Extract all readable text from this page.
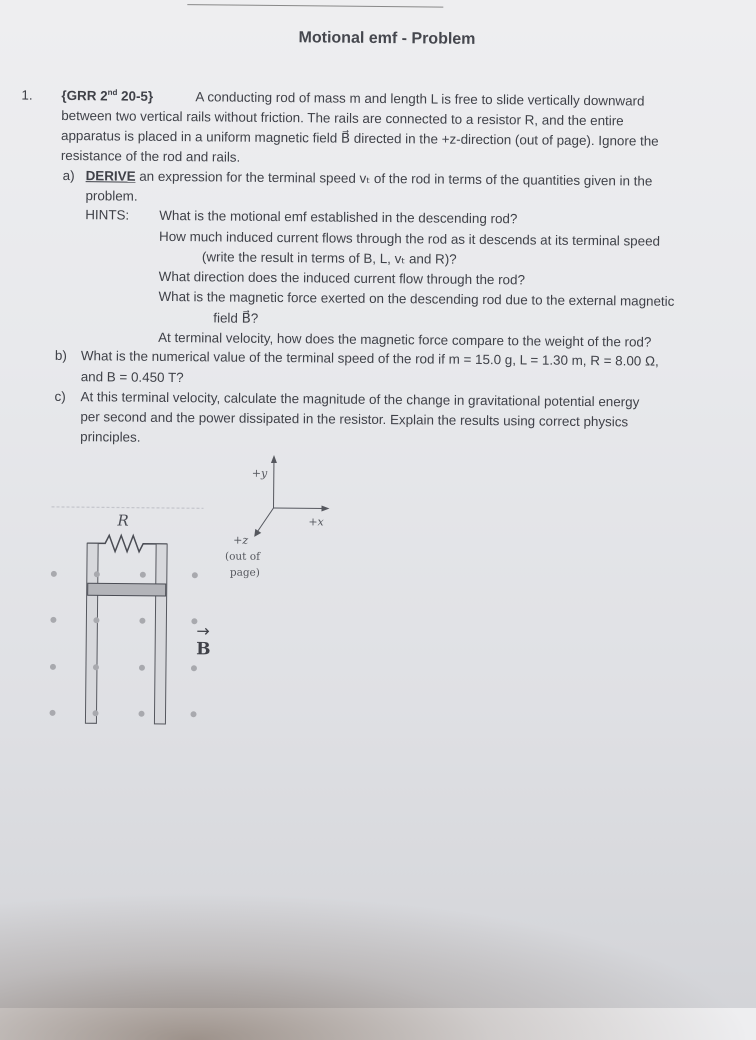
Motional emf - Problem
1. {GRR 2nd 20-5}	A conducting rod of mass m and length L is free to slide vertically downward
between two vertical rails without friction. The rails are connected to a resistor R, and the entire
apparatus is placed in a uniform magnetic field B⃗ directed in the +z-direction (out of page). Ignore the
resistance of the rod and rails.
a) DERIVE an expression for the terminal speed vₜ of the rod in terms of the quantities given in the
problem.
HINTS: What is the motional emf established in the descending rod?
How much induced current flows through the rod as it descends at its terminal speed
(write the result in terms of B, L, vₜ and R)?
What direction does the induced current flow through the rod?
What is the magnetic force exerted on the descending rod due to the external magnetic
field B⃗?
At terminal velocity, how does the magnetic force compare to the weight of the rod?
b) What is the numerical value of the terminal speed of the rod if m = 15.0 g, L = 1.30 m, R = 8.00 Ω,
and B = 0.450 T?
c) At this terminal velocity, calculate the magnitude of the change in gravitational potential energy
per second and the power dissipated in the resistor. Explain the results using correct physics
principles.
R
B
+y
+x
+z
(out of
page)
